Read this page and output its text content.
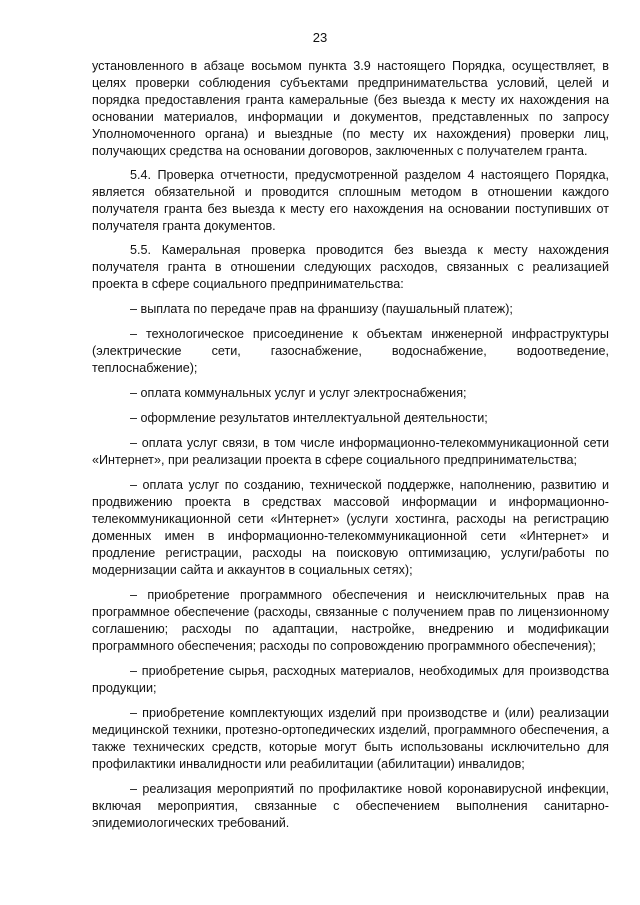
23

установленного в абзаце восьмом пункта 3.9 настоящего Порядка, осуществляет, в целях проверки соблюдения субъектами предпринимательства условий, целей и порядка предоставления гранта камеральные (без выезда к месту их нахождения на основании материалов, информации и документов, представленных по запросу Уполномоченного органа) и выездные (по месту их нахождения) проверки лиц, получающих средства на основании договоров, заключенных с получателем гранта.

5.4. Проверка отчетности, предусмотренной разделом 4 настоящего Порядка, является обязательной и проводится сплошным методом в отношении каждого получателя гранта без выезда к месту его нахождения на основании поступивших от получателя гранта документов.

5.5. Камеральная проверка проводится без выезда к месту нахождения получателя гранта в отношении следующих расходов, связанных с реализацией проекта в сфере социального предпринимательства:

– выплата по передаче прав на франшизу (паушальный платеж);

– технологическое присоединение к объектам инженерной инфраструктуры (электрические сети, газоснабжение, водоснабжение, водоотведение, теплоснабжение);

– оплата коммунальных услуг и услуг электроснабжения;

– оформление результатов интеллектуальной деятельности;

– оплата услуг связи, в том числе информационно-телекоммуникационной сети «Интернет», при реализации проекта в сфере социального предпринимательства;

– оплата услуг по созданию, технической поддержке, наполнению, развитию и продвижению проекта в средствах массовой информации и информационно-телекоммуникационной сети «Интернет» (услуги хостинга, расходы на регистрацию доменных имен в информационно-телекоммуникационной сети «Интернет» и продление регистрации, расходы на поисковую оптимизацию, услуги/работы по модернизации сайта и аккаунтов в социальных сетях);

– приобретение программного обеспечения и неисключительных прав на программное обеспечение (расходы, связанные с получением прав по лицензионному соглашению; расходы по адаптации, настройке, внедрению и модификации программного обеспечения; расходы по сопровождению программного обеспечения);

– приобретение сырья, расходных материалов, необходимых для производства продукции;

– приобретение комплектующих изделий при производстве и (или) реализации медицинской техники, протезно-ортопедических изделий, программного обеспечения, а также технических средств, которые могут быть использованы исключительно для профилактики инвалидности или реабилитации (абилитации) инвалидов;

– реализация мероприятий по профилактике новой коронавирусной инфекции, включая мероприятия, связанные с обеспечением выполнения санитарно-эпидемиологических требований.
